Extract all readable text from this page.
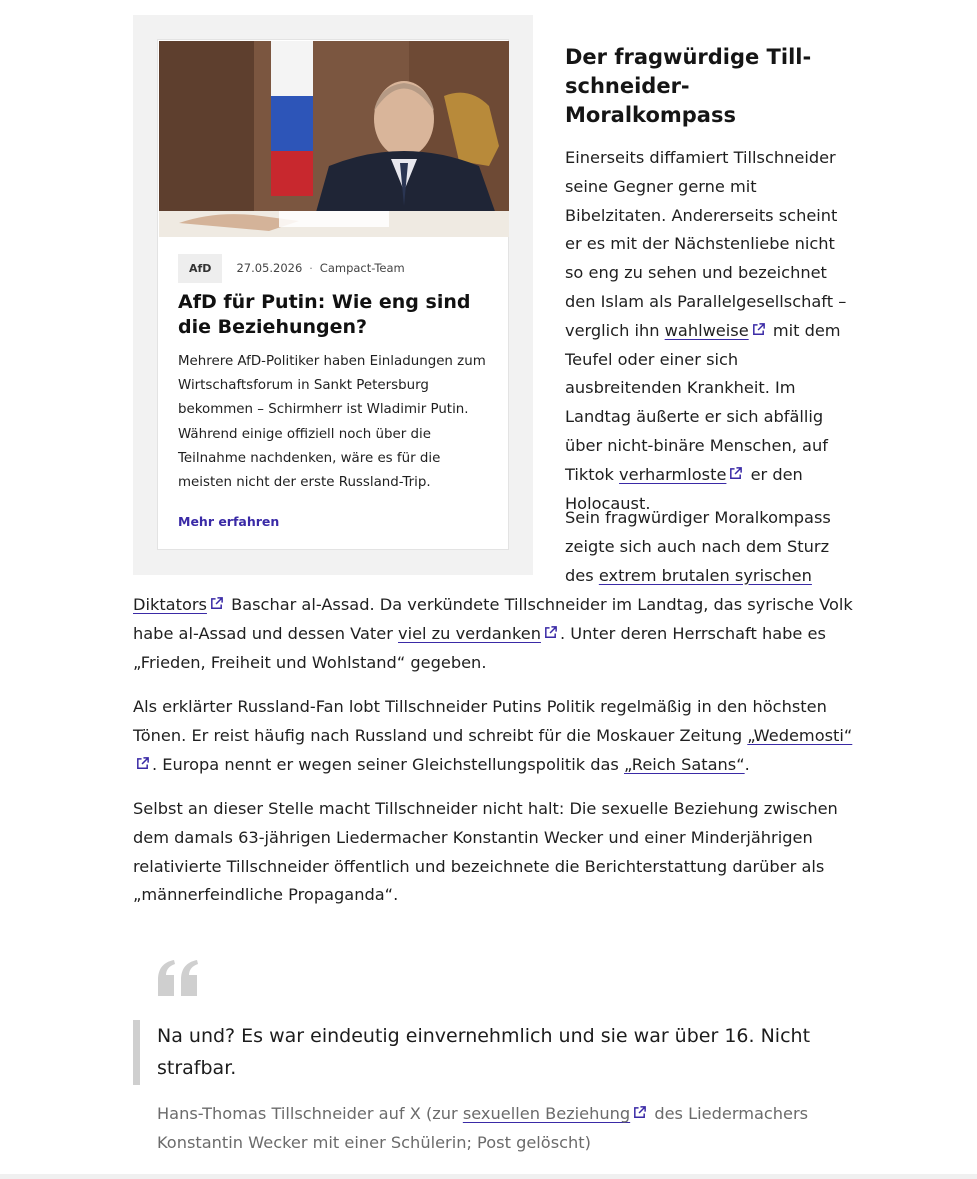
AfD	27.05.2026 · Campact-Team
AfD für Putin: Wie eng sind die Beziehungen?
Mehrere AfD-Politiker haben Einladungen zum Wirtschaftsforum in Sankt Petersburg bekommen – Schirmherr ist Wladimir Putin. Während einige offiziell noch über die Teilnahme nachdenken, wäre es für die meisten nicht der erste Russland-Trip.
Mehr erfahren
Der fragwürdige Till-schneider-Moralkompass

Einerseits diffamiert Tillschneider seine Gegner gerne mit Bibelzitaten. Andererseits scheint er es mit der Nächstenliebe nicht so eng zu sehen und bezeichnet den Islam als Parallelgesellschaft – verglich ihn wahlweise mit dem Teufel oder einer sich ausbreitenden Krankheit. Im Landtag äußerte er sich abfällig über nicht-binäre Menschen, auf Tiktok verharmloste er den Holocaust.

Sein fragwürdiger Moralkompass zeigte sich auch nach dem Sturz des extrem brutalen syrischen

Diktators Baschar al-Assad. Da verkündete Tillschneider im Landtag, das syrische Volk habe al-Assad und dessen Vater viel zu verdanken . Unter deren Herrschaft habe es „Frieden, Freiheit und Wohlstand“ gegeben.

Als erklärter Russland-Fan lobt Tillschneider Putins Politik regelmäßig in den höchsten Tönen. Er reist häufig nach Russland und schreibt für die Moskauer Zeitung „Wedemosti“. Europa nennt er wegen seiner Gleichstellungspolitik das „Reich Satans“.

Selbst an dieser Stelle macht Tillschneider nicht halt: Die sexuelle Beziehung zwischen dem damals 63-jährigen Liedermacher Konstantin Wecker und einer Minderjährigen relativierte Tillschneider öffentlich und bezeichnete die Berichterstattung darüber als „männerfeindliche Propaganda“.

Na und? Es war eindeutig einvernehmlich und sie war über 16. Nicht strafbar.

Hans-Thomas Tillschneider auf X (zur sexuellen Beziehung des Liedermachers Konstantin Wecker mit einer Schülerin; Post gelöscht)
